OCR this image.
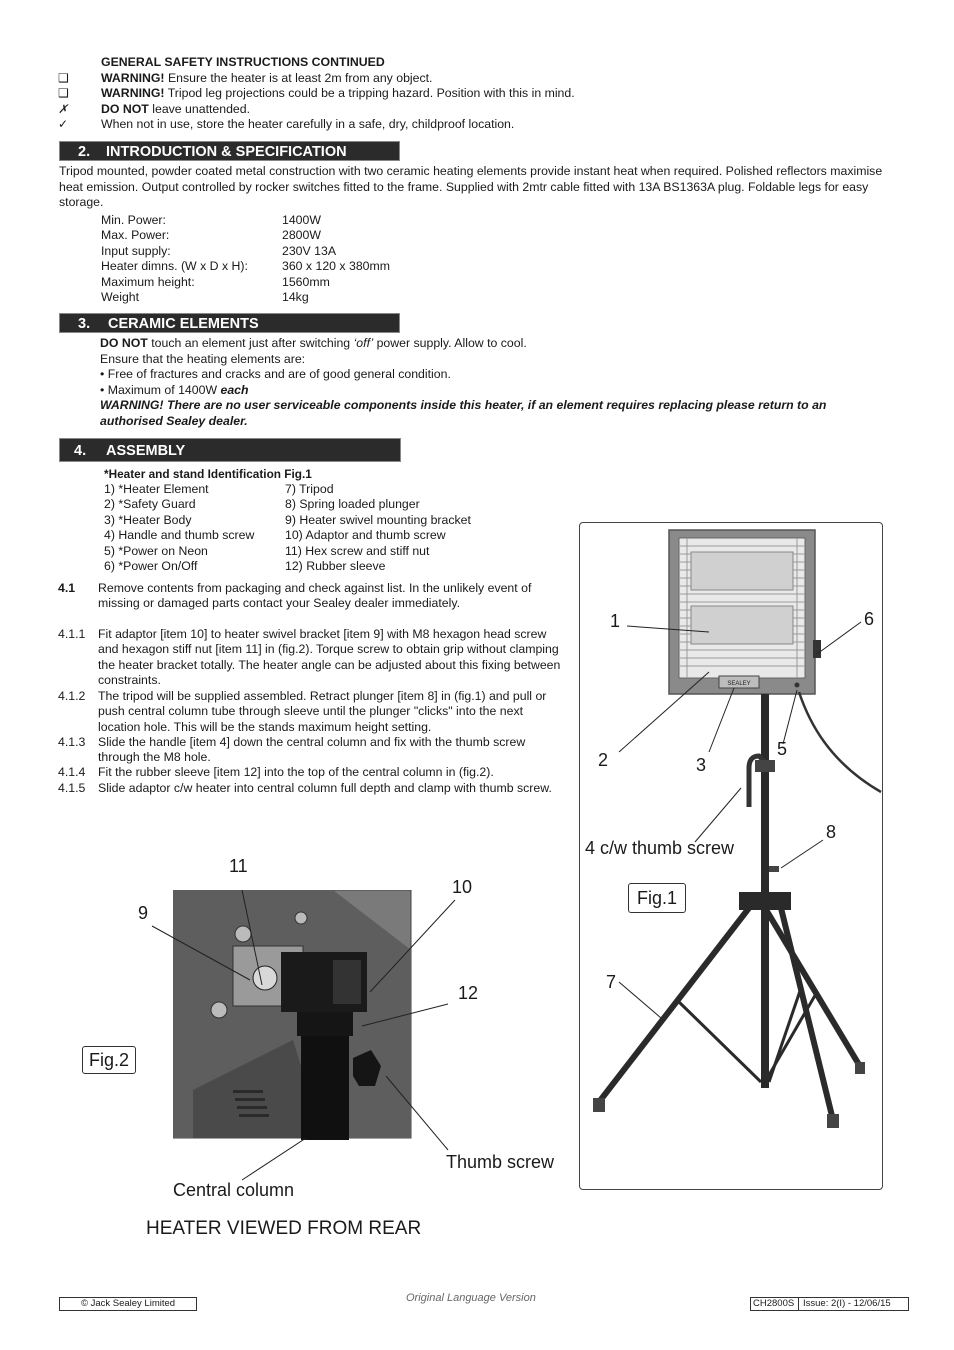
GENERAL SAFETY INSTRUCTIONS CONTINUED
❑	WARNING! Ensure the heater is at least 2m from any object.
❑	WARNING! Tripod leg projections could be a tripping hazard. Position with this in mind.
✗	DO NOT leave unattended.
✓	When not in use, store the heater carefully in a safe, dry, childproof location.
2. INTRODUCTION & SPECIFICATION
Tripod mounted, powder coated metal construction with two ceramic heating elements provide instant heat when required. Polished reflectors maximise heat emission. Output controlled by rocker switches fitted to the frame. Supplied with 2mtr cable fitted with 13A BS1363A plug. Foldable legs for easy storage.
Min. Power:	1400W
Max. Power:	2800W
Input supply:	230V 13A
Heater dimns. (W x D x H):	360 x 120 x 380mm
Maximum height:	1560mm
Weight	14kg
3. CERAMIC ELEMENTS
DO NOT touch an element just after switching ‘off’ power supply. Allow to cool.
Ensure that the heating elements are:
• Free of fractures and cracks and are of good general condition.
• Maximum of 1400W each
WARNING! There are no user serviceable components inside this heater, if an element requires replacing please return to an authorised Sealey dealer.
4. ASSEMBLY
*Heater and stand Identification Fig.1
1) *Heater Element
2) *Safety Guard
3) *Heater Body
4) Handle and thumb screw
5) *Power on Neon
6) *Power On/Off
7) Tripod
8) Spring loaded plunger
9) Heater swivel mounting bracket
10) Adaptor and thumb screw
11) Hex screw and stiff nut
12) Rubber sleeve
4.1 Remove contents from packaging and check against list. In the unlikely event of missing or damaged parts contact your Sealey dealer immediately.
4.1.1 Fit adaptor [item 10] to heater swivel bracket [item 9] with M8 hexagon head screw and hexagon stiff nut [item 11] in (fig.2). Torque screw to obtain grip without clamping the heater bracket totally. The heater angle can be adjusted about this fixing between constraints.
4.1.2 The tripod will be supplied assembled. Retract plunger [item 8] in (fig.1) and pull or push central column tube through sleeve until the plunger "clicks" into the next location hole. This will be the stands maximum height setting.
4.1.3 Slide the handle [item 4] down the central column and fix with the thumb screw through the M8 hole.
4.1.4 Fit the rubber sleeve [item 12] into the top of the central column in (fig.2).
4.1.5 Slide adaptor c/w heater into central column full depth and clamp with thumb screw.
SEALEY
1
2	3
4 c/w thumb screw
5
6
7
8
Fig.1
11
9
10
12
Thumb screw
Central column
Fig.2
HEATER VIEWED FROM REAR
© Jack Sealey Limited	Original Language Version	CH2800S Issue: 2(I) - 12/06/15
